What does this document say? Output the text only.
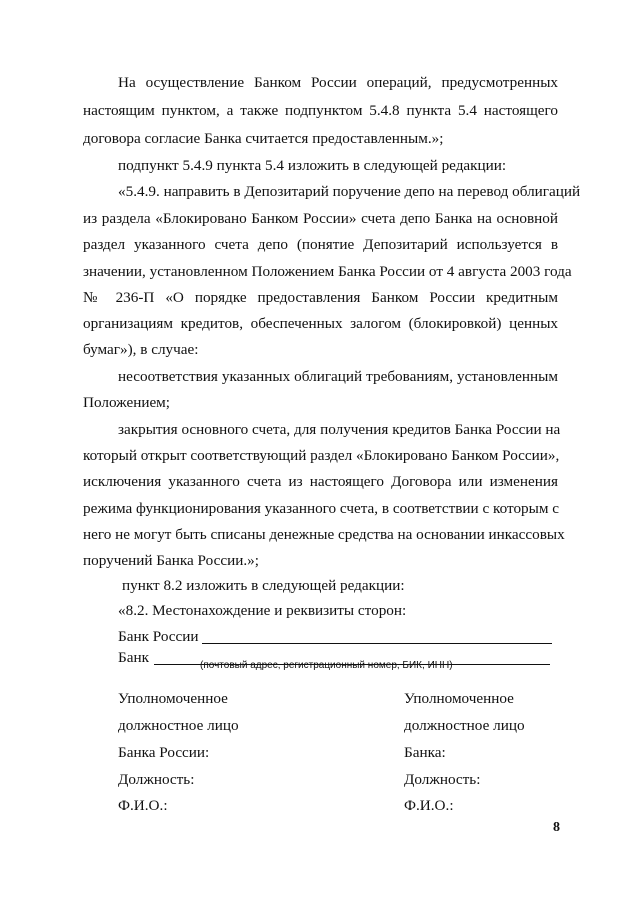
На осуществление Банком России операций, предусмотренных
настоящим пунктом, а также подпунктом 5.4.8 пункта 5.4 настоящего
договора согласие Банка считается предоставленным.»;
подпункт 5.4.9 пункта 5.4 изложить в следующей редакции:
«5.4.9. направить в Депозитарий поручение депо на перевод облигаций
из раздела «Блокировано Банком России» счета депо Банка на основной
раздел указанного счета депо (понятие Депозитарий используется в
значении, установленном Положением Банка России от 4 августа 2003 года
№ 236-П «О порядке предоставления Банком России кредитным
организациям кредитов, обеспеченных залогом (блокировкой) ценных
бумаг»), в случае:
несоответствия указанных облигаций требованиям, установленным
Положением;
закрытия основного счета, для получения кредитов Банка России на
который открыт соответствующий раздел «Блокировано Банком России»,
исключения указанного счета из настоящего Договора или изменения
режима функционирования указанного счета, в соответствии с которым с
него не могут быть списаны денежные средства на основании инкассовых
поручений Банка России.»;
пункт 8.2 изложить в следующей редакции:
«8.2. Местонахождение и реквизиты сторон:
Банк России
Банк	(почтовый адрес, регистрационный номер, БИК, ИНН)
Уполномоченное
должностное лицо
Банка России:
Должность:
Ф.И.О.:
Уполномоченное
должностное лицо
Банка:
Должность:
Ф.И.О.:
8
